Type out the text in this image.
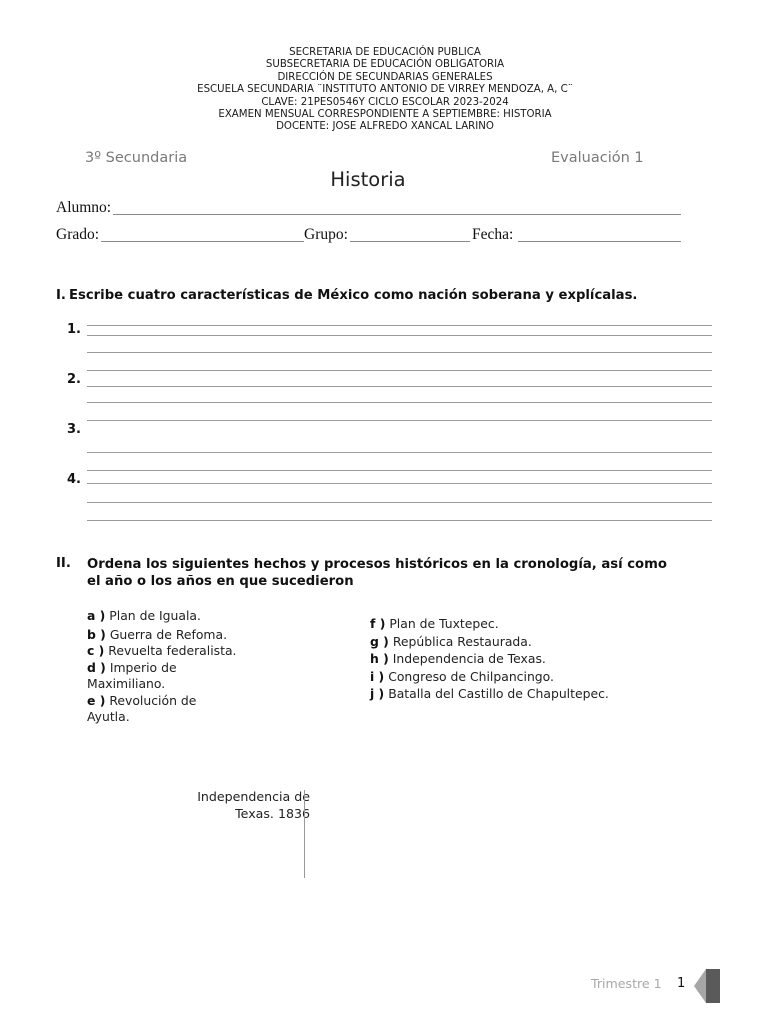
SECRETARIA DE EDUCACIÓN PUBLICA
SUBSECRETARIA DE EDUCACIÓN OBLIGATORIA
DIRECCIÓN DE SECUNDARIAS GENERALES
ESCUELA SECUNDARIA ¨INSTITUTO ANTONIO DE VIRREY MENDOZA, A, C¨
CLAVE: 21PES0546Y CICLO ESCOLAR 2023-2024
EXAMEN MENSUAL CORRESPONDIENTE A SEPTIEMBRE: HISTORIA
DOCENTE: JOSE ALFREDO XANCAL LARINO
3º Secundaria	Evaluación 1
Historia
Alumno:
Grado:	Grupo:	Fecha:
I. Escribe cuatro características de México como nación soberana y explícalas.
1.
2.
3.
4.
II. Ordena los siguientes hechos y procesos históricos en la cronología, así como
el año o los años en que sucedieron
a ) Plan de Iguala.
b ) Guerra de Refoma.
c ) Revuelta federalista.
d ) Imperio de Maximiliano.
e ) Revolución de Ayutla.
f ) Plan de Tuxtepec.
g ) República Restaurada.
h ) Independencia de Texas.
i ) Congreso de Chilpancingo.
j ) Batalla del Castillo de Chapultepec.
Independencia de
Texas. 1836
Trimestre 1 1
